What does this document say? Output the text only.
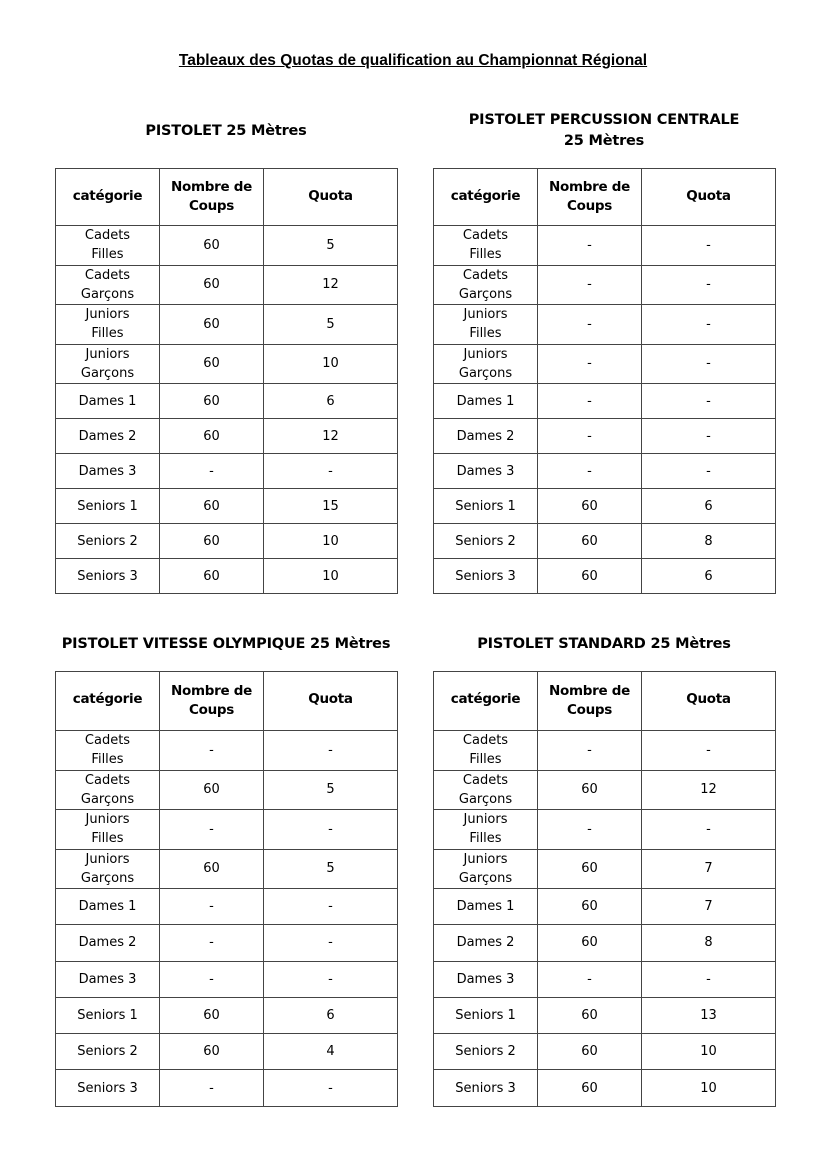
Tableaux des Quotas de qualification au Championnat Régional
PISTOLET 25 Mètres
PISTOLET PERCUSSION CENTRALE
25 Mètres
PISTOLET VITESSE OLYMPIQUE 25 Mètres	PISTOLET STANDARD 25 Mètres
catégorie	Nombre de Coups	Quota

Cadets
Filles	60	5

Cadets
Garçons	60	12

Juniors
Filles	60	5

Juniors
Garçons	60	10

Dames 1	60	6

Dames 2	60	12

Dames 3	-	-

Seniors 1	60	15

Seniors 2	60	10

Seniors 3	60	10
catégorie	Nombre de Coups	Quota

Cadets
Filles	-	-

Cadets
Garçons	-	-

Juniors
Filles	-	-

Juniors
Garçons	-	-

Dames 1	-	-

Dames 2	-	-

Dames 3	-	-

Seniors 1	60	6

Seniors 2	60	8

Seniors 3	60	6
catégorie	Nombre de Coups	Quota

Cadets
Filles	-	-

Cadets
Garçons	60	5

Juniors
Filles	-	-

Juniors
Garçons	60	5

Dames 1	-	-

Dames 2	-	-

Dames 3	-	-

Seniors 1	60	6

Seniors 2	60	4

Seniors 3	-	-
catégorie	Nombre de Coups	Quota

Cadets
Filles	-	-

Cadets
Garçons	60	12

Juniors
Filles	-	-

Juniors
Garçons	60	7

Dames 1	60	7

Dames 2	60	8

Dames 3	-	-

Seniors 1	60	13

Seniors 2	60	10

Seniors 3	60	10
